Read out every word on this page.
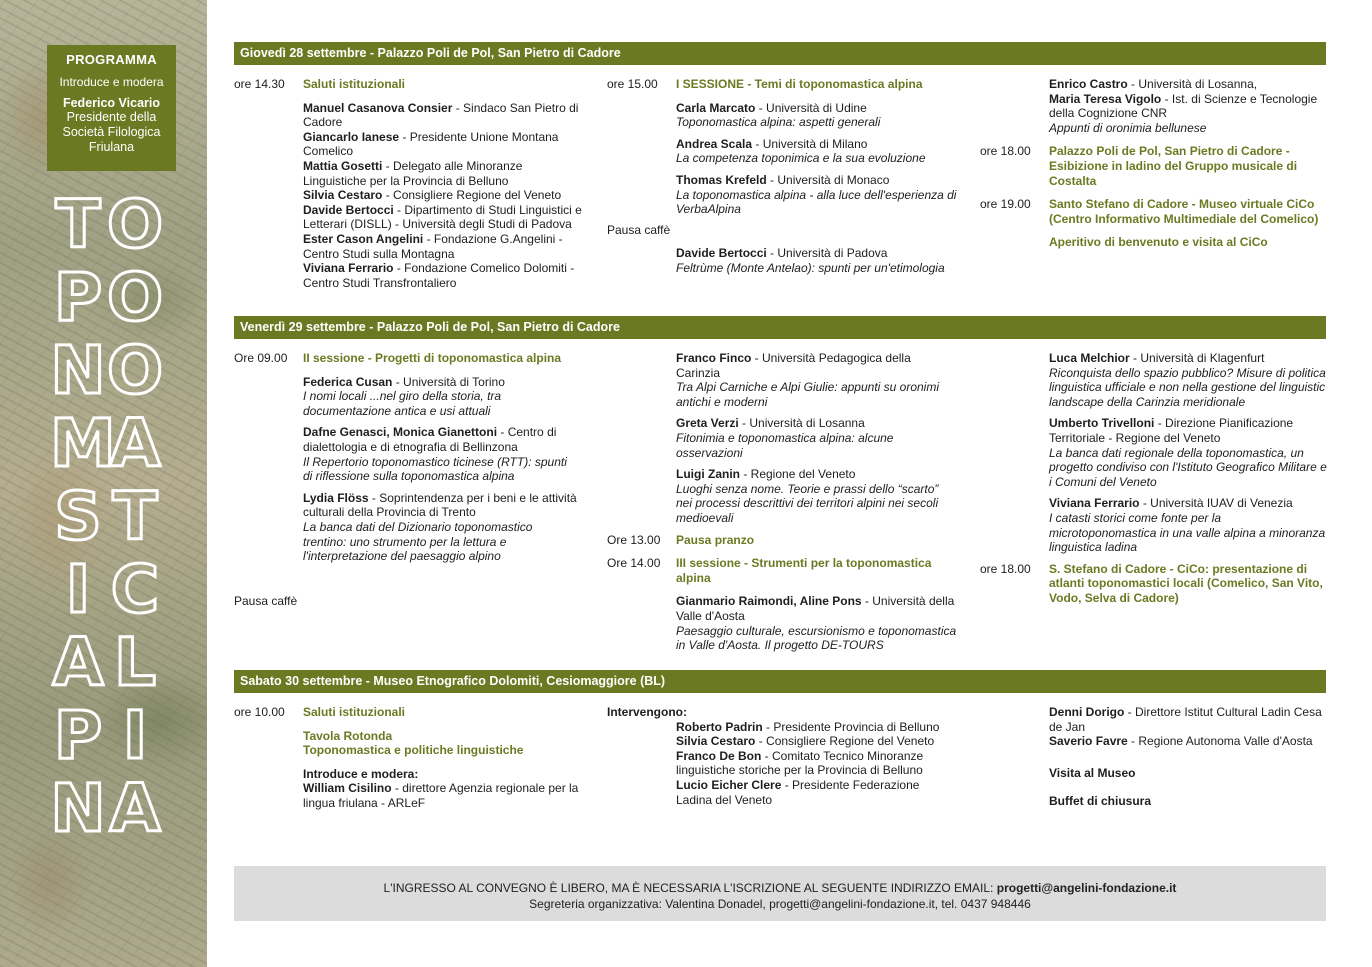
PROGRAMMA
Introduce e modera
Federico Vicario
Presidente della
Società Filologica
Friulana
T O
P O
N O
M
A
S T
I C
A L
P I
N A
Giovedì 28 settembre - Palazzo Poli de Pol, San Pietro di Cadore
ore 14.30	Saluti istituzionali
Manuel Casanova Consier - Sindaco San Pietro di Cadore
Giancarlo Ianese - Presidente Unione Montana Comelico
Mattia Gosetti - Delegato alle Minoranze Linguistiche per la Provincia di Belluno
Silvia Cestaro - Consigliere Regione del Veneto
Davide Bertocci - Dipartimento di Studi Linguistici e Letterari (DISLL) - Università degli Studi di Padova
Ester Cason Angelini - Fondazione G.Angelini - Centro Studi sulla Montagna
Viviana Ferrario - Fondazione Comelico Dolomiti - Centro Studi Transfrontaliero
ore 15.00	I SESSIONE - Temi di toponomastica alpina
Carla Marcato - Università di Udine
Toponomastica alpina: aspetti generali
Andrea Scala - Università di Milano
La competenza toponimica e la sua evoluzione
Thomas Krefeld - Università di Monaco
La toponomastica alpina - alla luce dell'esperienza di VerbaAlpina
Pausa caffè
Davide Bertocci - Università di Padova
Feltrùme (Monte Antelao): spunti per un'etimologia
Enrico Castro - Università di Losanna,
Maria Teresa Vigolo - Ist. di Scienze e Tecnologie della Cognizione CNR
Appunti di oronimia bellunese
ore 18.00	Palazzo Poli de Pol, San Pietro di Cadore - Esibizione in ladino del Gruppo musicale di Costalta
ore 19.00	Santo Stefano di Cadore - Museo virtuale CiCo (Centro Informativo Multimediale del Comelico)
Aperitivo di benvenuto e visita al CiCo
Venerdì 29 settembre - Palazzo Poli de Pol, San Pietro di Cadore
Ore 09.00	II sessione - Progetti di toponomastica alpina
Federica Cusan - Università di Torino
I nomi locali ...nel giro della storia, tra documentazione antica e usi attuali
Dafne Genasci, Monica Gianettoni - Centro di dialettologia e di etnografia di Bellinzona
Il Repertorio toponomastico ticinese (RTT): spunti di riflessione sulla toponomastica alpina
Lydia Flöss - Soprintendenza per i beni e le attività culturali della Provincia di Trento
La banca dati del Dizionario toponomastico trentino: uno strumento per la lettura e l'interpretazione del paesaggio alpino
Pausa caffè
Franco Finco - Università Pedagogica della Carinzia
Tra Alpi Carniche e Alpi Giulie: appunti su oronimi antichi e moderni
Greta Verzi - Università di Losanna
Fitonimia e toponomastica alpina: alcune osservazioni
Luigi Zanin - Regione del Veneto
Luoghi senza nome. Teorie e prassi dello “scarto” nei processi descrittivi dei territori alpini nei secoli medioevali
Ore 13.00	Pausa pranzo
Ore 14.00	III sessione - Strumenti per la toponomastica alpina
Gianmario Raimondi, Aline Pons - Università della Valle d'Aosta
Paesaggio culturale, escursionismo e toponomastica in Valle d'Aosta. Il progetto DE-TOURS
Luca Melchior - Università di Klagenfurt
Riconquista dello spazio pubblico? Misure di politica linguistica ufficiale e non nella gestione del linguistic landscape della Carinzia meridionale
Umberto Trivelloni - Direzione Pianificazione Territoriale - Regione del Veneto
La banca dati regionale della toponomastica, un progetto condiviso con l'Istituto Geografico Militare e i Comuni del Veneto
Viviana Ferrario - Università IUAV di Venezia
I catasti storici come fonte per la microtoponomastica in una valle alpina a minoranza linguistica ladina
ore 18.00	S. Stefano di Cadore - CiCo: presentazione di atlanti toponomastici locali (Comelico, San Vito, Vodo, Selva di Cadore)
Sabato 30 settembre - Museo Etnografico Dolomiti, Cesiomaggiore (BL)
ore 10.00	Saluti istituzionali
Tavola Rotonda
Toponomastica e politiche linguistiche
Introduce e modera:
William Cisilino - direttore Agenzia regionale per la lingua friulana - ARLeF
Intervengono:
Roberto Padrin - Presidente Provincia di Belluno
Silvia Cestaro - Consigliere Regione del Veneto
Franco De Bon - Comitato Tecnico Minoranze linguistiche storiche per la Provincia di Belluno
Lucio Eicher Clere - Presidente Federazione Ladina del Veneto
Denni Dorigo - Direttore Istitut Cultural Ladin Cesa de Jan
Saverio Favre - Regione Autonoma Valle d'Aosta
Visita al Museo
Buffet di chiusura
L'INGRESSO AL CONVEGNO È LIBERO, MA È NECESSARIA L'ISCRIZIONE AL SEGUENTE INDIRIZZO EMAIL: progetti@angelini-fondazione.it
Segreteria organizzativa: Valentina Donadel, progetti@angelini-fondazione.it, tel. 0437 948446
